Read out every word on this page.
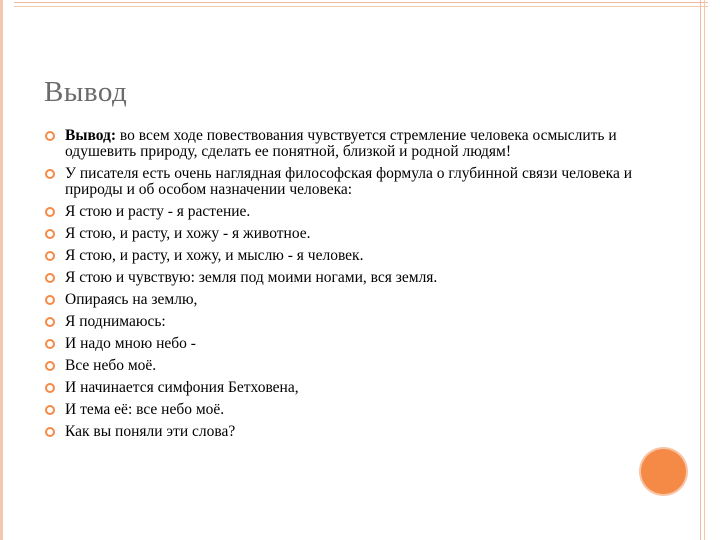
Вывод
Вывод: во всем ходе повествования чувствуется стремление человека осмыслить и одушевить природу, сделать ее понятной, близкой и родной людям!
У писателя есть очень наглядная философская формула о глубинной связи человека и природы и об особом назначении человека:
Я стою и расту - я растение.
Я стою, и расту, и хожу - я животное.
Я стою, и расту, и хожу, и мыслю - я человек.
Я стою и чувствую: земля под моими ногами, вся земля.
Опираясь на землю,
Я поднимаюсь:
И надо мною небо -
Все небо моё.
И начинается симфония Бетховена,
И тема её: все небо моё.
Как вы поняли эти слова?
